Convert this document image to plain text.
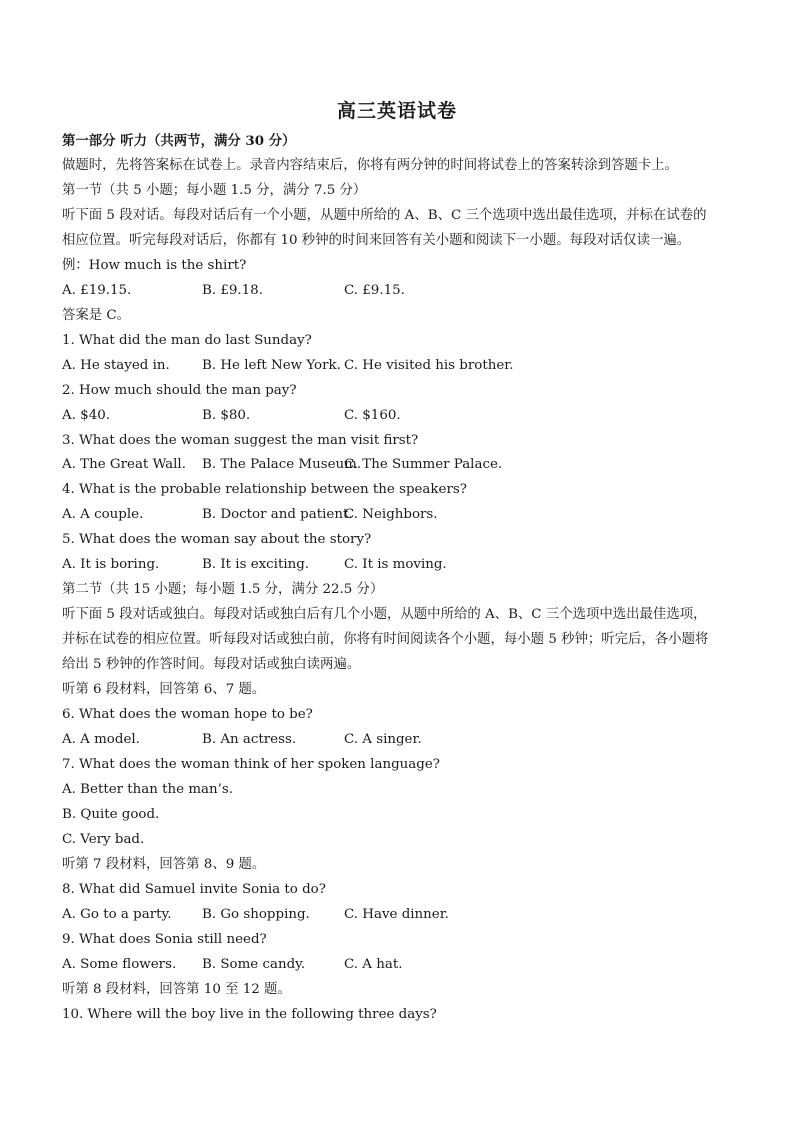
高三英语试卷
第一部分 听力（共两节，满分 30 分）
做题时，先将答案标在试卷上。录音内容结束后，你将有两分钟的时间将试卷上的答案转涂到答题卡上。
第一节（共 5 小题；每小题 1.5 分，满分 7.5 分）
听下面 5 段对话。每段对话后有一个小题，从题中所给的 A、B、C 三个选项中选出最佳选项，并标在试卷的
相应位置。听完每段对话后，你都有 10 秒钟的时间来回答有关小题和阅读下一小题。每段对话仅读一遍。
例：How much is the shirt?
A. £19.15.	B. £9.18.	C. £9.15.
答案是 C。
1. What did the man do last Sunday?
A. He stayed in. B. He left New York. C. He visited his brother.
2. How much should the man pay?
A. $40.	B. $80.	C. $160.
3. What does the woman suggest the man visit first?
A. The Great Wall. B. The Palace Museum.
C. The Summer Palace.
4. What is the probable relationship between the speakers?
A. A couple.	B. Doctor and patient.
C. Neighbors.
5. What does the woman say about the story?
A. It is boring.	B. It is exciting.	C. It is moving.
第二节（共 15 小题；每小题 1.5 分，满分 22.5 分）
听下面 5 段对话或独白。每段对话或独白后有几个小题，从题中所给的 A、B、C 三个选项中选出最佳选项，
并标在试卷的相应位置。听每段对话或独白前，你将有时间阅读各个小题，每小题 5 秒钟；听完后，各小题将
给出 5 秒钟的作答时间。每段对话或独白读两遍。
听第 6 段材料，回答第 6、7 题。
6. What does the woman hope to be?
A. A model.	B. An actress.	C. A singer.
7. What does the woman think of her spoken language?
A. Better than the man’s.
B. Quite good.
C. Very bad.
听第 7 段材料，回答第 8、9 题。
8. What did Samuel invite Sonia to do?
A. Go to a party. B. Go shopping.	C. Have dinner.
9. What does Sonia still need?
A. Some flowers. B. Some candy.	C. A hat.
听第 8 段材料，回答第 10 至 12 题。
10. Where will the boy live in the following three days?
